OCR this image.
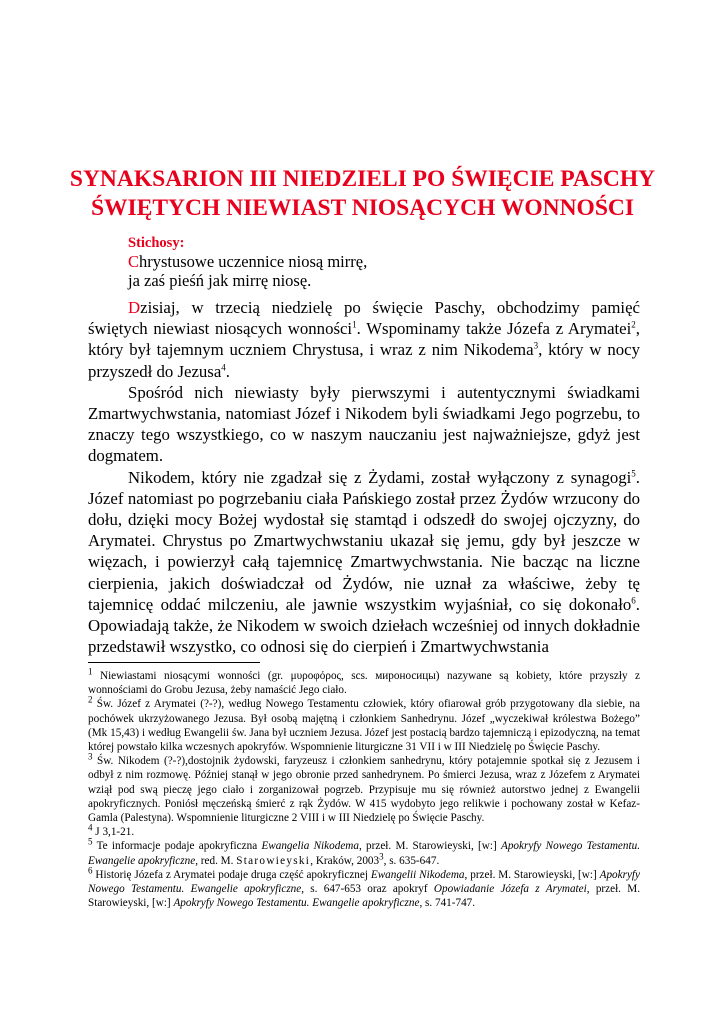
SYNAKSARION III NIEDZIELI PO ŚWIĘCIE PASCHY
ŚWIĘTYCH NIEWIAST NIOSĄCYCH WONNOŚCI
Stichosy:
Chrystusowe uczennice niosą mirrę,
ja zaś pieśń jak mirrę niosę.

Dzisiaj, w trzecią niedzielę po święcie Paschy, obchodzimy pamięć świętych niewiast niosących wonności$^1$. Wspominamy także Józefa z Arymatei$^2$, który był tajemnym uczniem Chrystusa, i wraz z nim Nikodema$^3$, który w nocy przyszedł do Jezusa$^4$.

Spośród nich niewiasty były pierwszymi i autentycznymi świadkami Zmartwychwstania, natomiast Józef i Nikodem byli świadkami Jego pogrzebu, to znaczy tego wszystkiego, co w naszym nauczaniu jest najważniejsze, gdyż jest dogmatem.

Nikodem, który nie zgadzał się z Żydami, został wyłączony z synagogi$^5$. Józef natomiast po pogrzebaniu ciała Pańskiego został przez Żydów wrzucony do dołu, dzięki mocy Bożej wydostał się stamtąd i odszedł do swojej ojczyzny, do Arymatei. Chrystus po Zmartwychwstaniu ukazał się jemu, gdy był jeszcze w więzach, i powierzył całą tajemnicę Zmartwychwstania. Nie bacząc na liczne cierpienia, jakich doświadczał od Żydów, nie uznał za właściwe, żeby tę tajemnicę oddać milczeniu, ale jawnie wszystkim wyjaśniał, co się dokonało$^6$. Opowiadają także, że Nikodem w swoich dziełach wcześniej od innych dokładnie przedstawił wszystko, co odnosi się do cierpień i Zmartwychwstania

$^1$ Niewiastami niosącymi wonności (gr. μυροφόρος, scs. мироносицы) nazywane są kobiety, które przyszły z wonnościami do Grobu Jezusa, żeby namaścić Jego ciało.

$^2$ Św. Józef z Arymatei (?-?), według Nowego Testamentu człowiek, który ofiarował grób przygotowany dla siebie, na pochówek ukrzyżowanego Jezusa. Był osobą majętną i członkiem Sanhedrynu. Józef „wyczekiwał królestwa Bożego” (Mk 15,43) i według Ewangelii św. Jana był uczniem Jezusa. Józef jest postacią bardzo tajemniczą i epizodyczną, na temat której powstało kilka wczesnych apokryfów. Wspomnienie liturgiczne 31 VII i w III Niedzielę po Święcie Paschy.

$^3$ Św. Nikodem (?-?),dostojnik żydowski, faryzeusz i członkiem sanhedrynu, który potajemnie spotkał się z Jezusem i odbył z nim rozmowę. Później stanął w jego obronie przed sanhedrynem. Po śmierci Jezusa, wraz z Józefem z Arymatei wziął pod swą pieczę jego ciało i zorganizował pogrzeb. Przypisuje mu się również autorstwo jednej z Ewangelii apokryficznych. Poniósł męczeńską śmierć z rąk Żydów. W 415 wydobyto jego relikwie i pochowany został w Kefaz-Gamla (Palestyna). Wspomnienie liturgiczne 2 VIII i w III Niedzielę po Święcie Paschy.

$^4$ J 3,1-21.

$^5$ Te informacje podaje apokryficzna Ewangelia Nikodema, przeł. M. Starowieyski, [w:] Apokryfy Nowego Testamentu. Ewangelie apokryficzne, red. M. Starowieyski, Kraków, 2003$^3$, s. 635-647.

$^6$ Historię Józefa z Arymatei podaje druga część apokryficznej Ewangelii Nikodema, przeł. M. Starowieyski, [w:] Apokryfy Nowego Testamentu. Ewangelie apokryficzne, s. 647-653 oraz apokryf Opowiadanie Józefa z Arymatei, przeł. M. Starowieyski, [w:] Apokryfy Nowego Testamentu. Ewangelie apokryficzne, s. 741-747.
